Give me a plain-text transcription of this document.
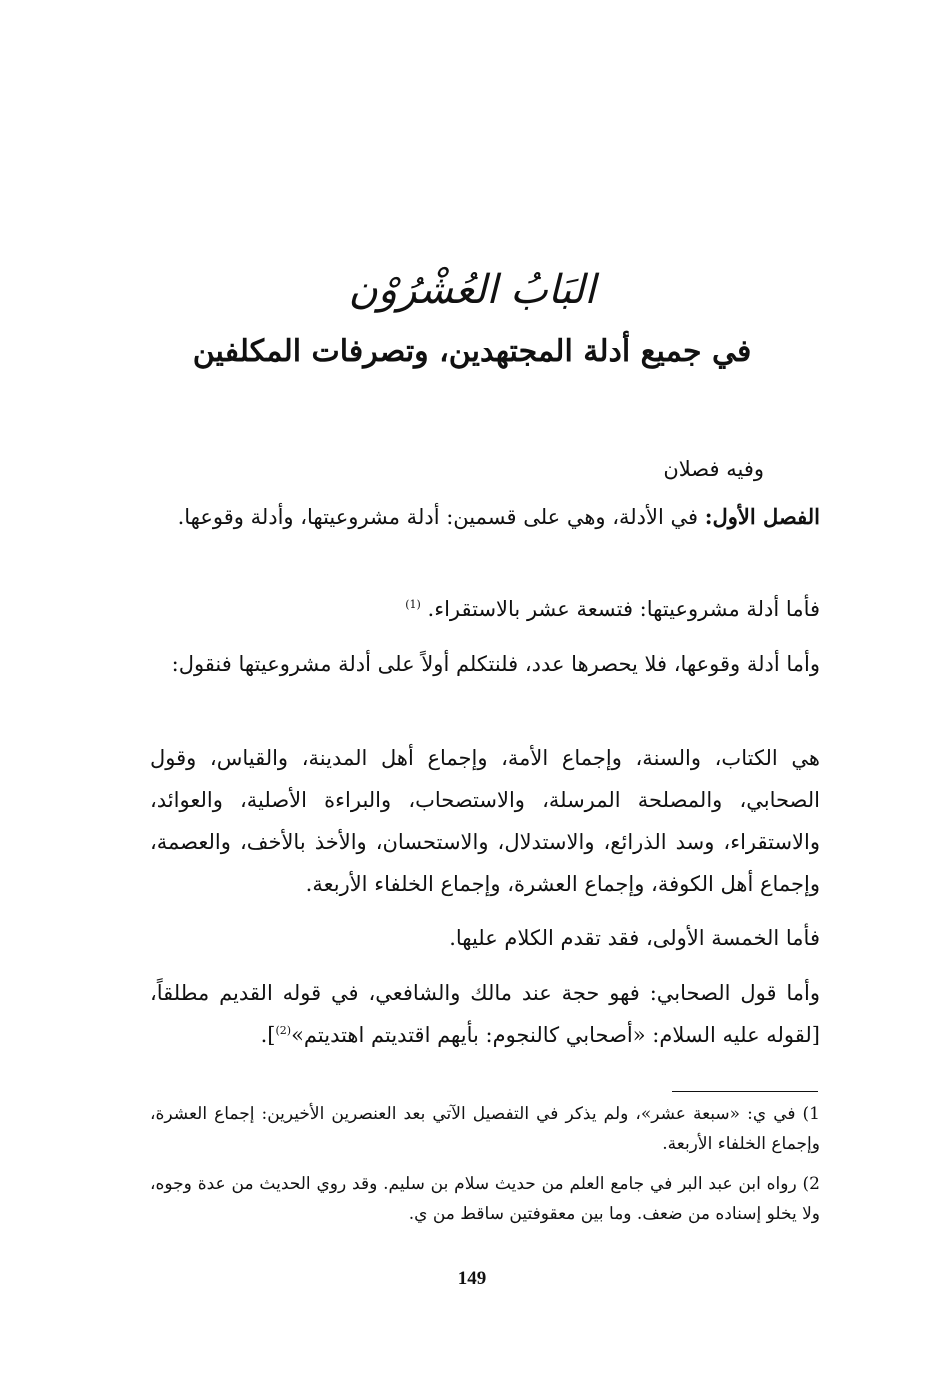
البَابُ العُشْرُوْن
في جميع أدلة المجتهدين، وتصرفات المكلفين
وفيه فصلان
الفصل الأول: في الأدلة، وهي على قسمين: أدلة مشروعيتها، وأدلة وقوعها.
فأما أدلة مشروعيتها: فتسعة عشر بالاستقراء. $^{(1)}$
وأما أدلة وقوعها، فلا يحصرها عدد، فلنتكلم أولاً على أدلة مشروعيتها فنقول:
هي الكتاب، والسنة، وإجماع الأمة، وإجماع أهل المدينة، والقياس، وقول الصحابي، والمصلحة المرسلة، والاستصحاب، والبراءة الأصلية، والعوائد، والاستقراء، وسد الذرائع، والاستدلال، والاستحسان، والأخذ بالأخف، والعصمة، وإجماع أهل الكوفة، وإجماع العشرة، وإجماع الخلفاء الأربعة.
فأما الخمسة الأولى، فقد تقدم الكلام عليها.
وأما قول الصحابي: فهو حجة عند مالك والشافعي، في قوله القديم مطلقاً، [لقوله عليه السلام: «أصحابي كالنجوم: بأيهم اقتديتم اهتديتم»$^{(2)}$].
1) في ي: «سبعة عشر»، ولم يذكر في التفصيل الآتي بعد العنصرين الأخيرين: إجماع العشرة، وإجماع الخلفاء الأربعة.
2) رواه ابن عبد البر في جامع العلم من حديث سلام بن سليم. وقد روي الحديث من عدة وجوه، ولا يخلو إسناده من ضعف. وما بين معقوفتين ساقط من ي.
149
